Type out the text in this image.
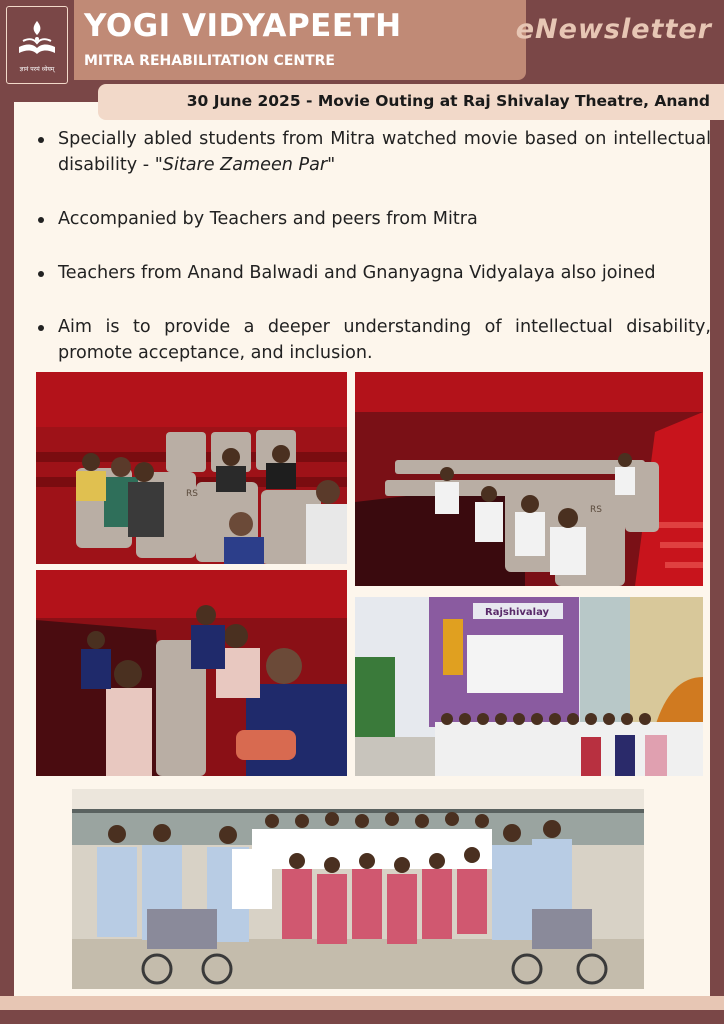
ज्ञानं परमं ध्येयम्
YOGI VIDYAPEETH
MITRA REHABILITATION CENTRE
eNewsletter
30 June 2025 - Movie Outing at Raj Shivalay Theatre, Anand
Specially abled students from Mitra watched movie based on intellectual disability - "Sitare Zameen Par"
Accompanied by Teachers and peers from Mitra
Teachers from Anand Balwadi and Gnanyagna Vidyalaya also joined
Aim is to provide a deeper understanding of intellectual disability, promote acceptance, and inclusion.
RS
RS
Rajshivalay
